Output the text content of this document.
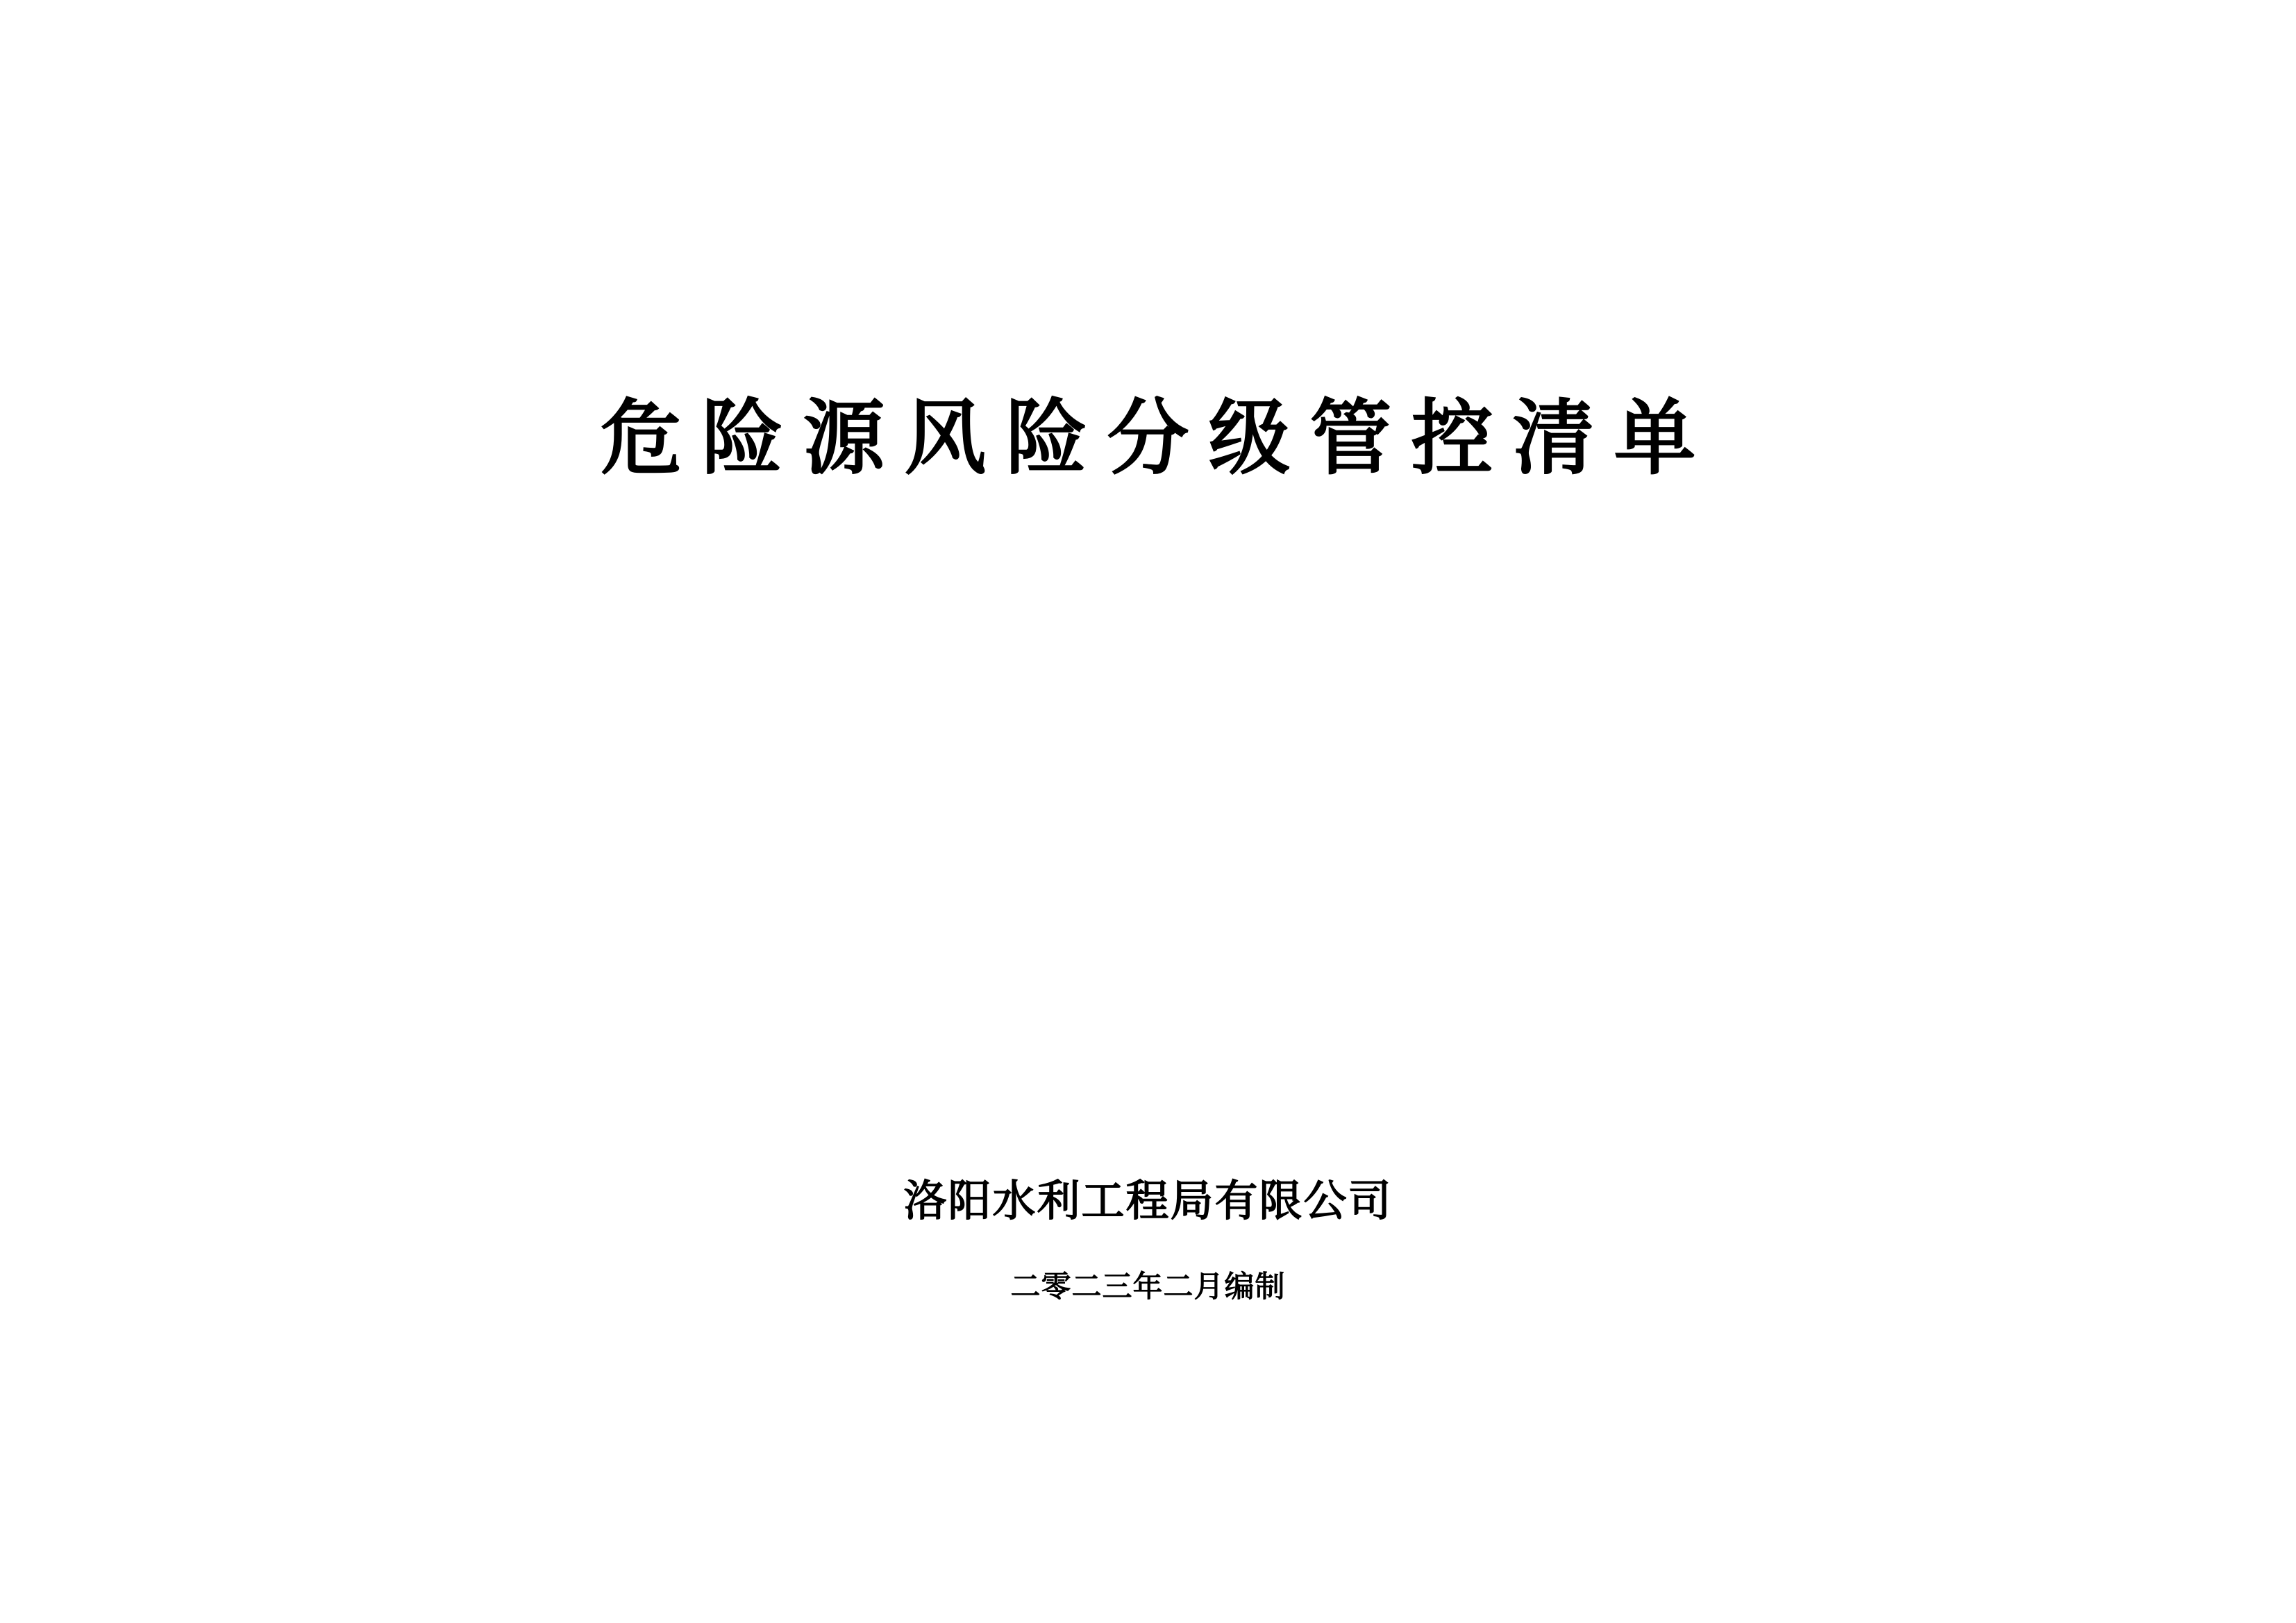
危险源风险分级管控清单
洛阳水利工程局有限公司
二零二三年二月编制
